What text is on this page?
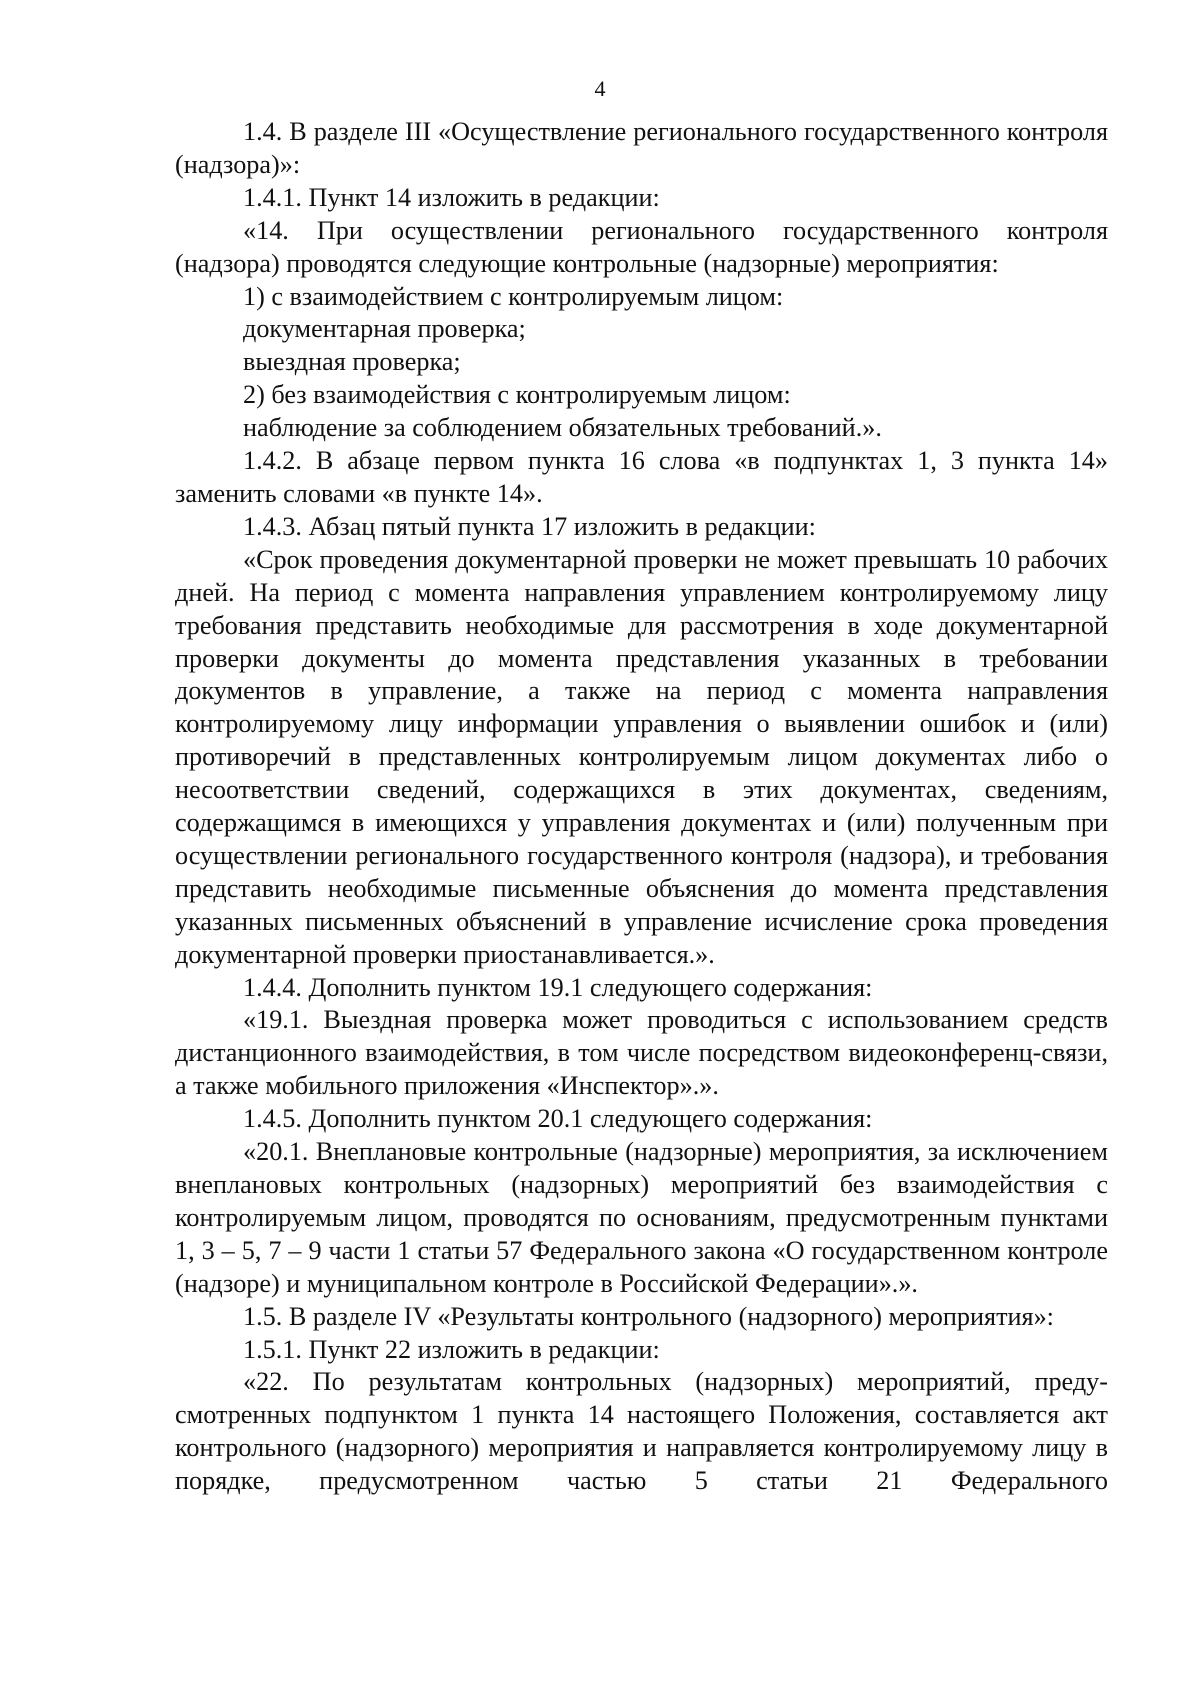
4

1.4. В разделе III «Осуществление регионального государственного контроля (надзора)»:

1.4.1. Пункт 14 изложить в редакции:

«14. При осуществлении регионального государственного контроля (надзора) проводятся следующие контрольные (надзорные) мероприятия:

1) с взаимодействием с контролируемым лицом:

документарная проверка;

выездная проверка;

2) без взаимодействия с контролируемым лицом:

наблюдение за соблюдением обязательных требований.».

1.4.2. В абзаце первом пункта 16 слова «в подпунктах 1, 3 пункта 14» заменить словами «в пункте 14».

1.4.3. Абзац пятый пункта 17 изложить в редакции:

«Срок проведения документарной проверки не может превышать 10 рабочих дней. На период с момента направления управлением контролируемому лицу требования представить необходимые для рассмотрения в ходе документарной проверки документы до момента представления указанных в требовании документов в управление, а также на период с момента направления контролируемому лицу информации управления о выявлении ошибок и (или) противоречий в представленных контролируемым лицом документах либо о несоответствии сведений, содержащихся в этих документах, сведениям, содержащимся в имеющихся у управления документах и (или) полученным при осуществлении регионального государственного контроля (надзора), и требования представить необходимые письменные объяснения до момента представления указанных письменных объяснений в управление исчисление срока проведения документарной проверки приостанавливается.».

1.4.4. Дополнить пунктом 19.1 следующего содержания:

«19.1. Выездная проверка может проводиться с использованием средств дистанционного взаимодействия, в том числе посредством видеоконференц-связи, а также мобильного приложения «Инспектор».».

1.4.5. Дополнить пунктом 20.1 следующего содержания:

«20.1. Внеплановые контрольные (надзорные) мероприятия, за исключением внеплановых контрольных (надзорных) мероприятий без взаимодействия с контролируемым лицом, проводятся по основаниям, предусмотренным пунктами 1, 3 – 5, 7 – 9 части 1 статьи 57 Федерального закона «О государственном контроле (надзоре) и муниципальном контроле в Российской Федерации».».

1.5. В разделе IV «Результаты контрольного (надзорного) мероприятия»:

1.5.1. Пункт 22 изложить в редакции:

«22. По результатам контрольных (надзорных) мероприятий, предусмотренных подпунктом 1 пункта 14 настоящего Положения, составляется акт контрольного (надзорного) мероприятия и направляется контролируемому лицу в порядке, предусмотренном частью 5 статьи 21 Федерального
